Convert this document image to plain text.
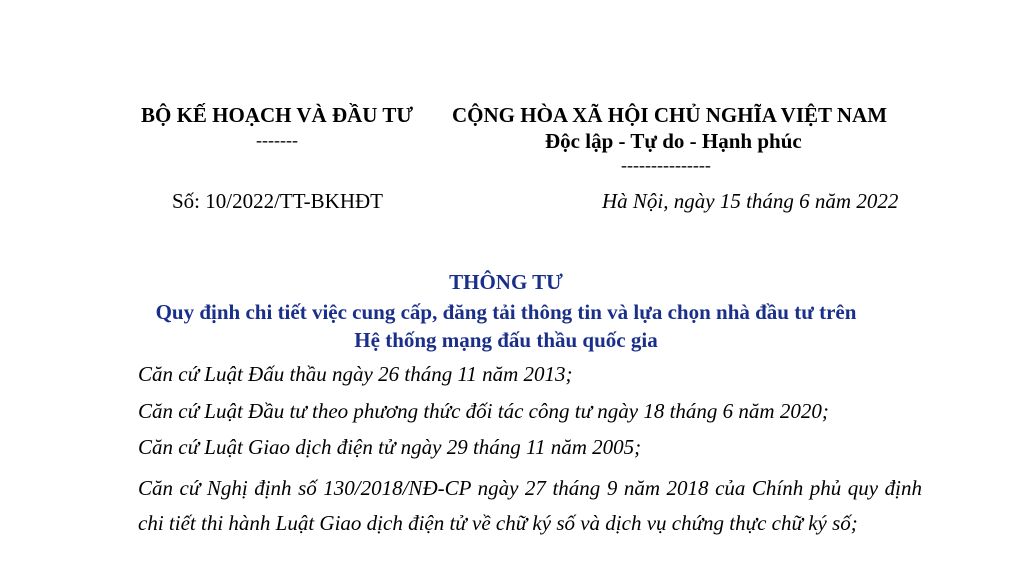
BỘ KẾ HOẠCH VÀ ĐẦU TƯ
-------
CỘNG HÒA XÃ HỘI CHỦ NGHĨA VIỆT NAM
Độc lập - Tự do - Hạnh phúc
---------------
Số: 10/2022/TT-BKHĐT	Hà Nội, ngày 15 tháng 6 năm 2022
THÔNG TƯ
Quy định chi tiết việc cung cấp, đăng tải thông tin và lựa chọn nhà đầu tư trên
Hệ thống mạng đấu thầu quốc gia
Căn cứ Luật Đấu thầu ngày 26 tháng 11 năm 2013;
Căn cứ Luật Đầu tư theo phương thức đối tác công tư ngày 18 tháng 6 năm 2020;
Căn cứ Luật Giao dịch điện tử ngày 29 tháng 11 năm 2005;
Căn cứ Nghị định số 130/2018/NĐ-CP ngày 27 tháng 9 năm 2018 của Chính phủ quy định chi tiết thi hành Luật Giao dịch điện tử về chữ ký số và dịch vụ chứng thực chữ ký số;
